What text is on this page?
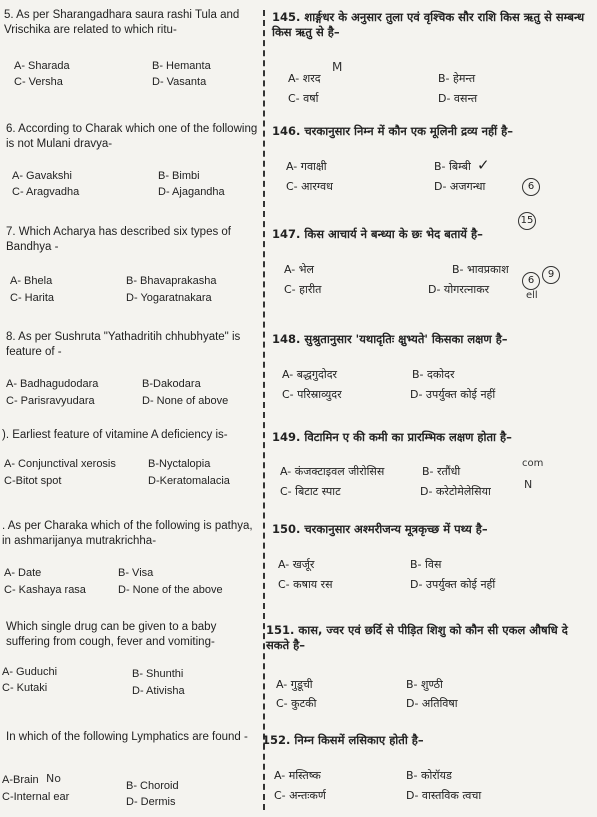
5. As per Sharangadhara saura rashi Tula and Vrischika are related to which ritu-
A- Sharada	B- Hemanta
C- Versha	D- Vasanta
6. According to Charak which one of the following is not Mulani dravya-
A- Gavakshi	B- Bimbi
C- Aragvadha	D- Ajagandha
7. Which Acharya has described six types of Bandhya -
A- Bhela	B- Bhavaprakasha
C- Harita	D- Yogaratnakara
8. As per Sushruta "Yathadritih chhubhyate" is feature of -
A- Badhagudodara	B-Dakodara
C- Parisravyudara	D- None of above
). Earliest feature of vitamine A deficiency is-
A- Conjunctival xerosis	B-Nyctalopia
C-Bitot spot	D-Keratomalacia
. As per Charaka which of the following is pathya, in ashmarijanya mutrakrichha-
A- Date	B- Visa
C- Kashaya rasa	D- None of the above
Which single drug can be given to a baby suffering from cough, fever and vomiting-
A- Guduchi	B- Shunthi
C- Kutaki	D- Ativisha
In which of the following Lymphatics are found -
A-Brain	B- Choroid
C-Internal ear	D- Dermis
145. शार्ङ्गधर के अनुसार तुला एवं वृश्चिक सौर राशि किस ऋतु से सम्बन्ध किस ऋतु से है–
A- शरद	B- हेमन्त
C- वर्षा	D- वसन्त
146. चरकानुसार निम्न में कौन एक मूलिनी द्रव्य नहीं है–
A- गवाक्षी	B- बिम्बी
C- आरग्वध	D- अजगन्धा
147. किस आचार्य ने बन्ध्या के छः भेद बतायें है–
A- भेल	B- भावप्रकाश
C- हारीत	D- योगरत्नाकर
148. सुश्रुतानुसार 'यथादृतिः क्षुभ्यते' किसका लक्षण है–
A- बद्धगुदोदर	B- दकोदर
C- परिस्राव्युदर	D- उपर्युक्त कोई नहीं
149. विटामिन ए की कमी का प्रारम्भिक लक्षण होता है–
A- कंजक्टाइवल जीरोसिस	B- रतौंधी
C- बिटाट स्पाट	D- करेटोमेलेसिया
150. चरकानुसार अश्मरीजन्य मूत्रकृच्छ में पथ्य है–
A- खर्जूर	B- विस
C- कषाय रस	D- उपर्युक्त कोई नहीं
151. कास, ज्वर एवं छर्दि से पीड़ित शिशु को कौन सी एकल औषधि दे सकते है–
A- गुडूची	B- शुण्ठी
C- कुटकी	D- अतिविषा
152. निम्न किसमें लसिकाए होती है–
A- मस्तिष्क	B- कोरॉयड
C- अन्तःकर्ण	D- वास्तविक त्वचा
M
✓
6
15
6
9
ell
com
N
No
